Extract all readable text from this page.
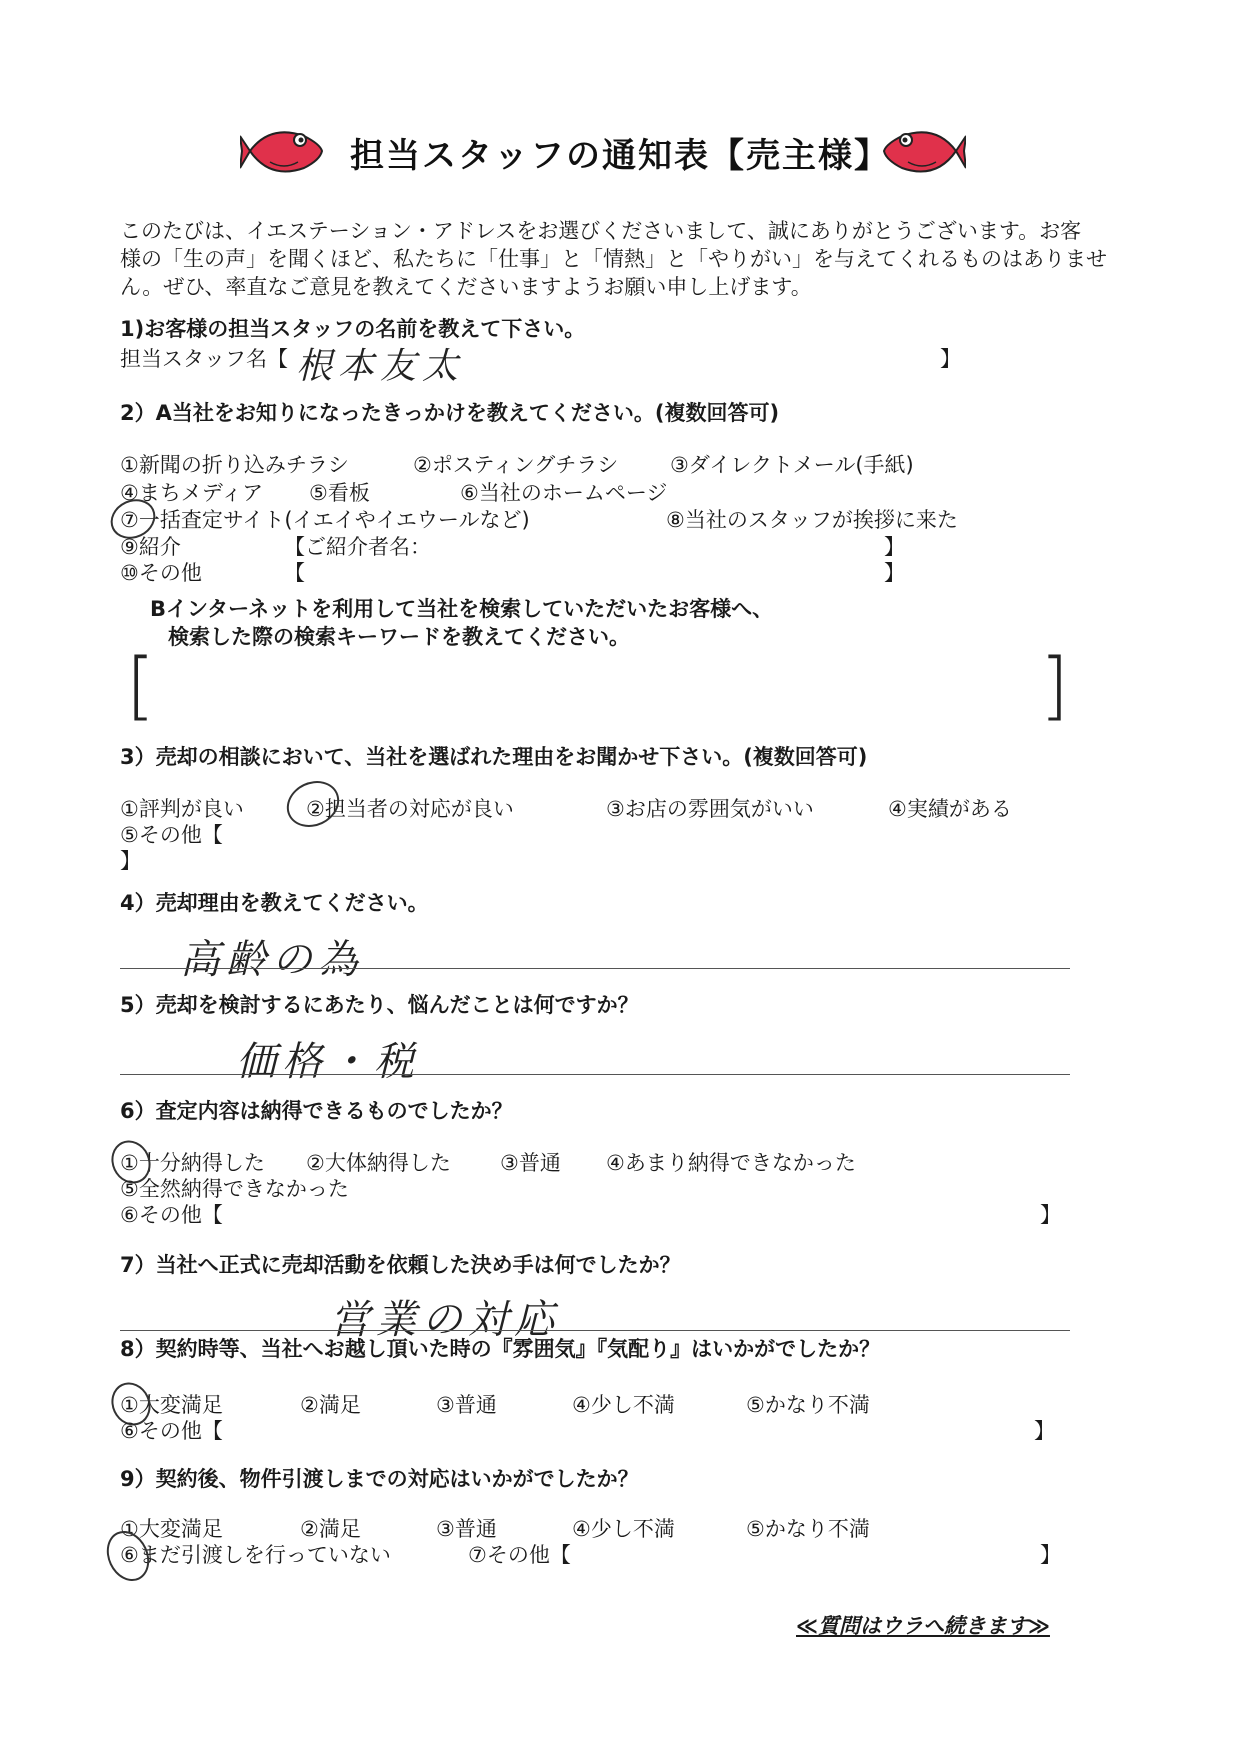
担当スタッフの通知表【売主様】
このたびは、イエステーション・アドレスをお選びくださいまして、誠にありがとうございます。お客
様の「生の声」を聞くほど、私たちに「仕事」と「情熱」と「やりがい」を与えてくれるものはありませ
ん。ぜひ、率直なご意見を教えてくださいますようお願い申し上げます。
1)お客様の担当スタッフの名前を教えて下さい。
担当スタッフ名【 根本友太	】
2）A当社をお知りになったきっかけを教えてください。(複数回答可)
①新聞の折り込みチラシ	②ポスティングチラシ ③ダイレクトメール(手紙)
④まちメディア ⑤看板	⑥当社のホームページ
⑦一括査定サイト(イエイやイエウールなど)	⑧当社のスタッフが挨拶に来た
⑨紹介	【ご紹介者名：	】
⑩その他	【	】
Bインターネットを利用して当社を検索していただいたお客様へ、
検索した際の検索キーワードを教えてください。
[	]
3）売却の相談において、当社を選ばれた理由をお聞かせ下さい。(複数回答可)
①評判が良い	②担当者の対応が良い	③お店の雰囲気がいい	④実績がある
⑤その他【
】
4）売却理由を教えてください。
高齢の為
5）売却を検討するにあたり、悩んだことは何ですか？
価格・税
6）査定内容は納得できるものでしたか？
①十分納得した ②大体納得した ③普通 ④あまり納得できなかった
⑤全然納得できなかった
⑥その他【	】
7）当社へ正式に売却活動を依頼した決め手は何でしたか？
営業の対応
8）契約時等、当社へお越し頂いた時の『雰囲気』『気配り』はいかがでしたか？
①大変満足	②満足	③普通	④少し不満	⑤かなり不満
⑥その他【	】
9）契約後、物件引渡しまでの対応はいかがでしたか？
①大変満足	②満足	③普通	④少し不満	⑤かなり不満
⑥まだ引渡しを行っていない	⑦その他【	】
≪質問はウラへ続きます≫
